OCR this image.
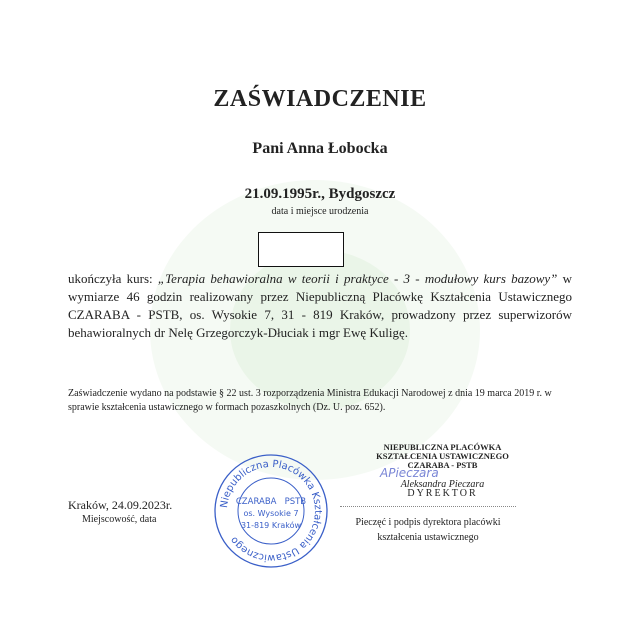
ZAŚWIADCZENIE
Pani Anna Łobocka
21.09.1995r., Bydgoszcz
data i miejsce urodzenia
ukończyła kurs: „Terapia behawioralna w teorii i praktyce - 3 - modułowy kurs bazowy” w wymiarze 46 godzin realizowany przez Niepubliczną Placówkę Kształcenia Ustawicznego CZARABA - PSTB, os. Wysokie 7, 31 - 819 Kraków, prowadzony przez superwizorów behawioralnych dr Nelę Grzegorczyk-Dłuciak i mgr Ewę Kuligę.
Zaświadczenie wydano na podstawie § 22 ust. 3 rozporządzenia Ministra Edukacji Narodowej z dnia 19 marca 2019 r. w sprawie kształcenia ustawicznego w formach pozaszkolnych (Dz. U. poz. 652).
NIEPUBLICZNA PLACÓWKA
KSZTAŁCENIA USTAWICZNEGO
CZARABA - PSTB
Aleksandra Pieczara
DYREKTOR
APieczara
Pieczęć i podpis dyrektora placówki
kształcenia ustawicznego
Kraków, 24.09.2023r.
Miejscowość, data
Niepubliczna Placówka Kształcenia Ustawicznego
CZARABA   PSTB
os. Wysokie 7
31-819 Kraków
